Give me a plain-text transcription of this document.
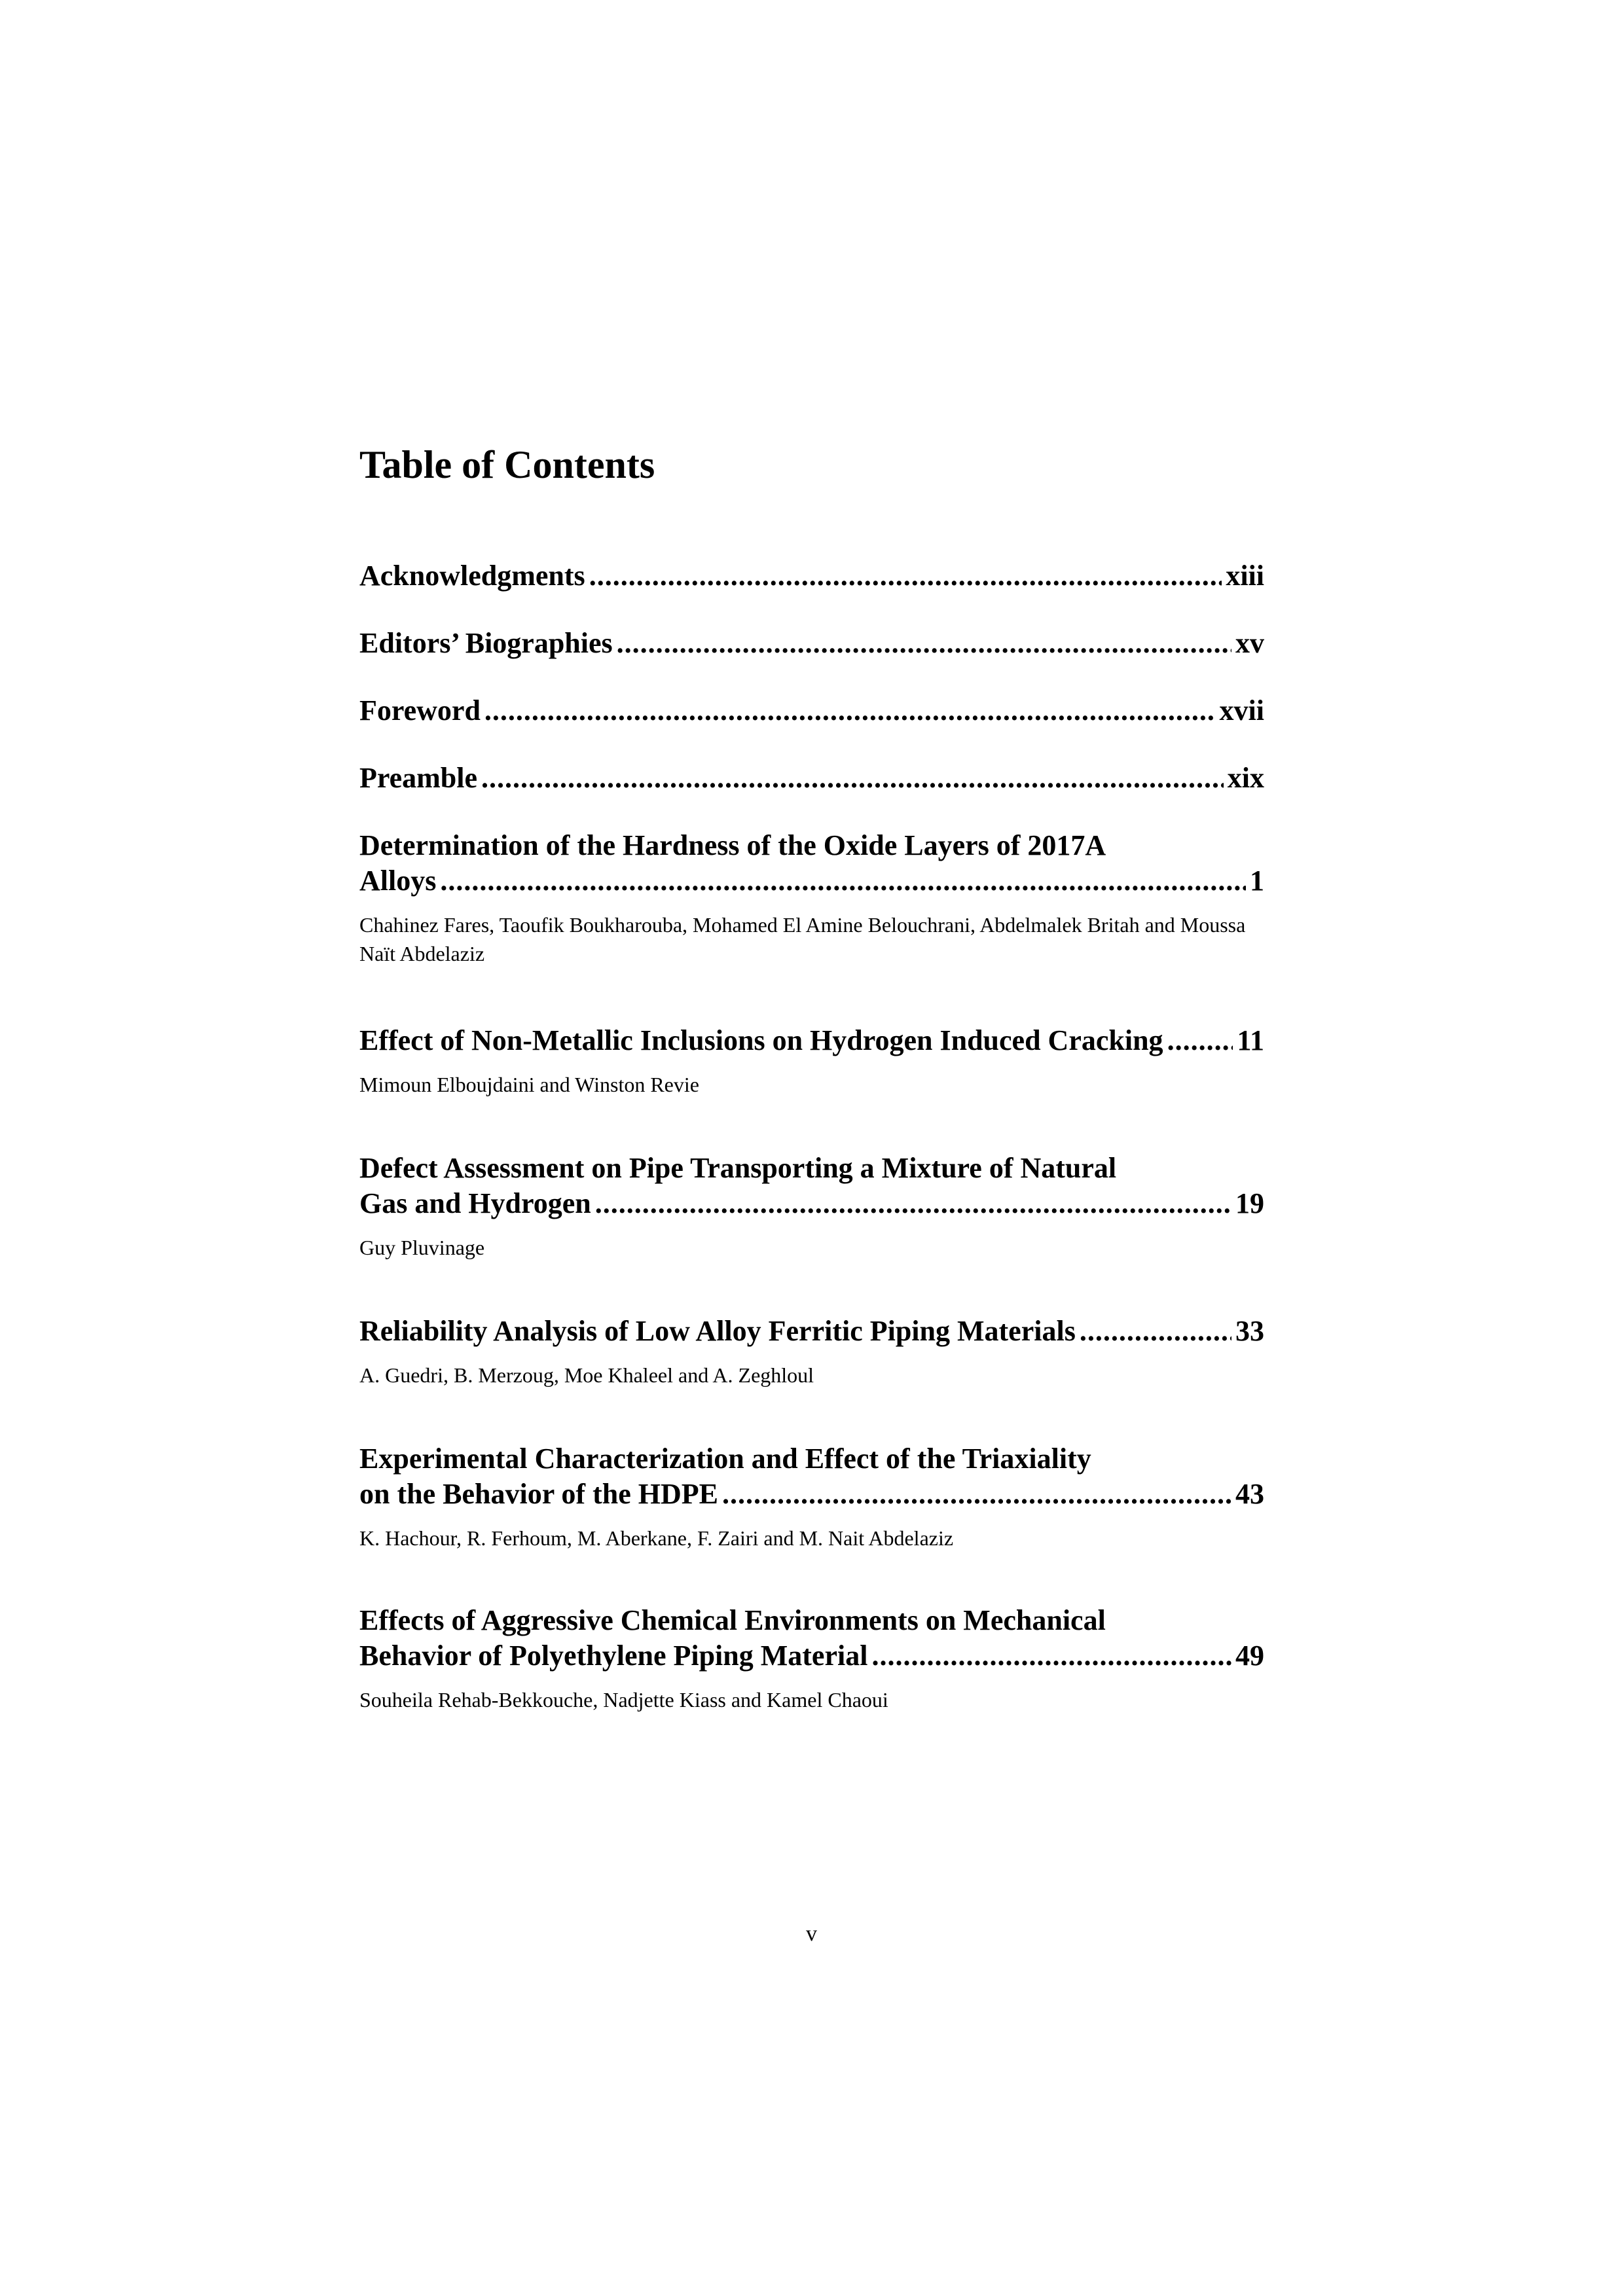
Table of Contents
Acknowledgments .....	xiii
Editors’ Biographies .....	xv
Foreword .....	xvii
Preamble .....	xix
Determination of the Hardness of the Oxide Layers of 2017A
Alloys .....	1
Chahinez Fares, Taoufik Boukharouba, Mohamed El Amine Belouchrani, Abdelmalek Britah and Moussa Naït Abdelaziz
Effect of Non-Metallic Inclusions on Hydrogen Induced Cracking .....	11
Mimoun Elboujdaini and Winston Revie
Defect Assessment on Pipe Transporting a Mixture of Natural
Gas and Hydrogen .....	19
Guy Pluvinage
Reliability Analysis of Low Alloy Ferritic Piping Materials .....	33
A. Guedri, B. Merzoug, Moe Khaleel and A. Zeghloul
Experimental Characterization and Effect of the Triaxiality
on the Behavior of the HDPE .....	43
K. Hachour, R. Ferhoum, M. Aberkane, F. Zairi and M. Nait Abdelaziz
Effects of Aggressive Chemical Environments on Mechanical
Behavior of Polyethylene Piping Material .....	49
Souheila Rehab-Bekkouche, Nadjette Kiass and Kamel Chaoui
v
